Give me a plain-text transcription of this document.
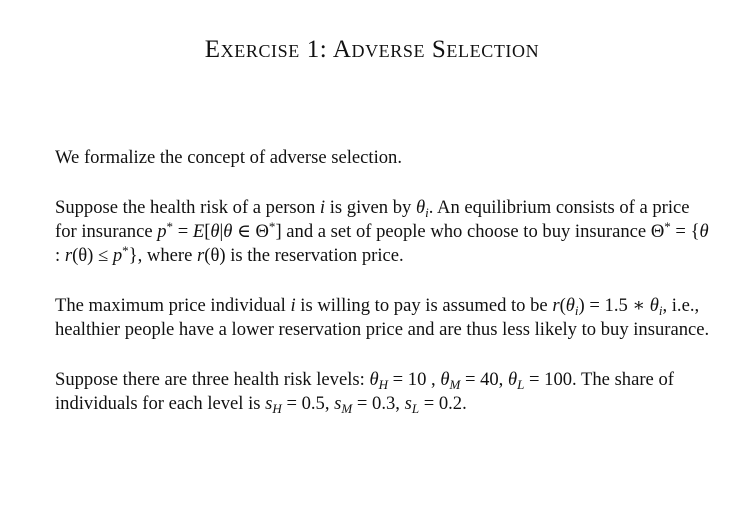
Exercise 1: Adverse Selection

We formalize the concept of adverse selection.

Suppose the health risk of a person i is given by $\theta_i$. An equilibrium consists of a price for insurance p* = E[θ|θ ∈ Θ*] and a set of people who choose to buy insurance Θ* = {θ : r(θ) ≤ p*}, where r(θ) is the reservation price.

The maximum price individual i is willing to pay is assumed to be $r(\theta_i) = 1.5$ ∗ $\theta_i$, i.e., healthier people have a lower reservation price and are thus less likely to buy insurance.

Suppose there are three health risk levels: $\theta_H = 10$ , $\theta_M = 40$, $\theta_L = 100$. The share of individuals for each level is $s_H = 0.5$, $s_M = 0.3$, $s_L = 0.2$.
